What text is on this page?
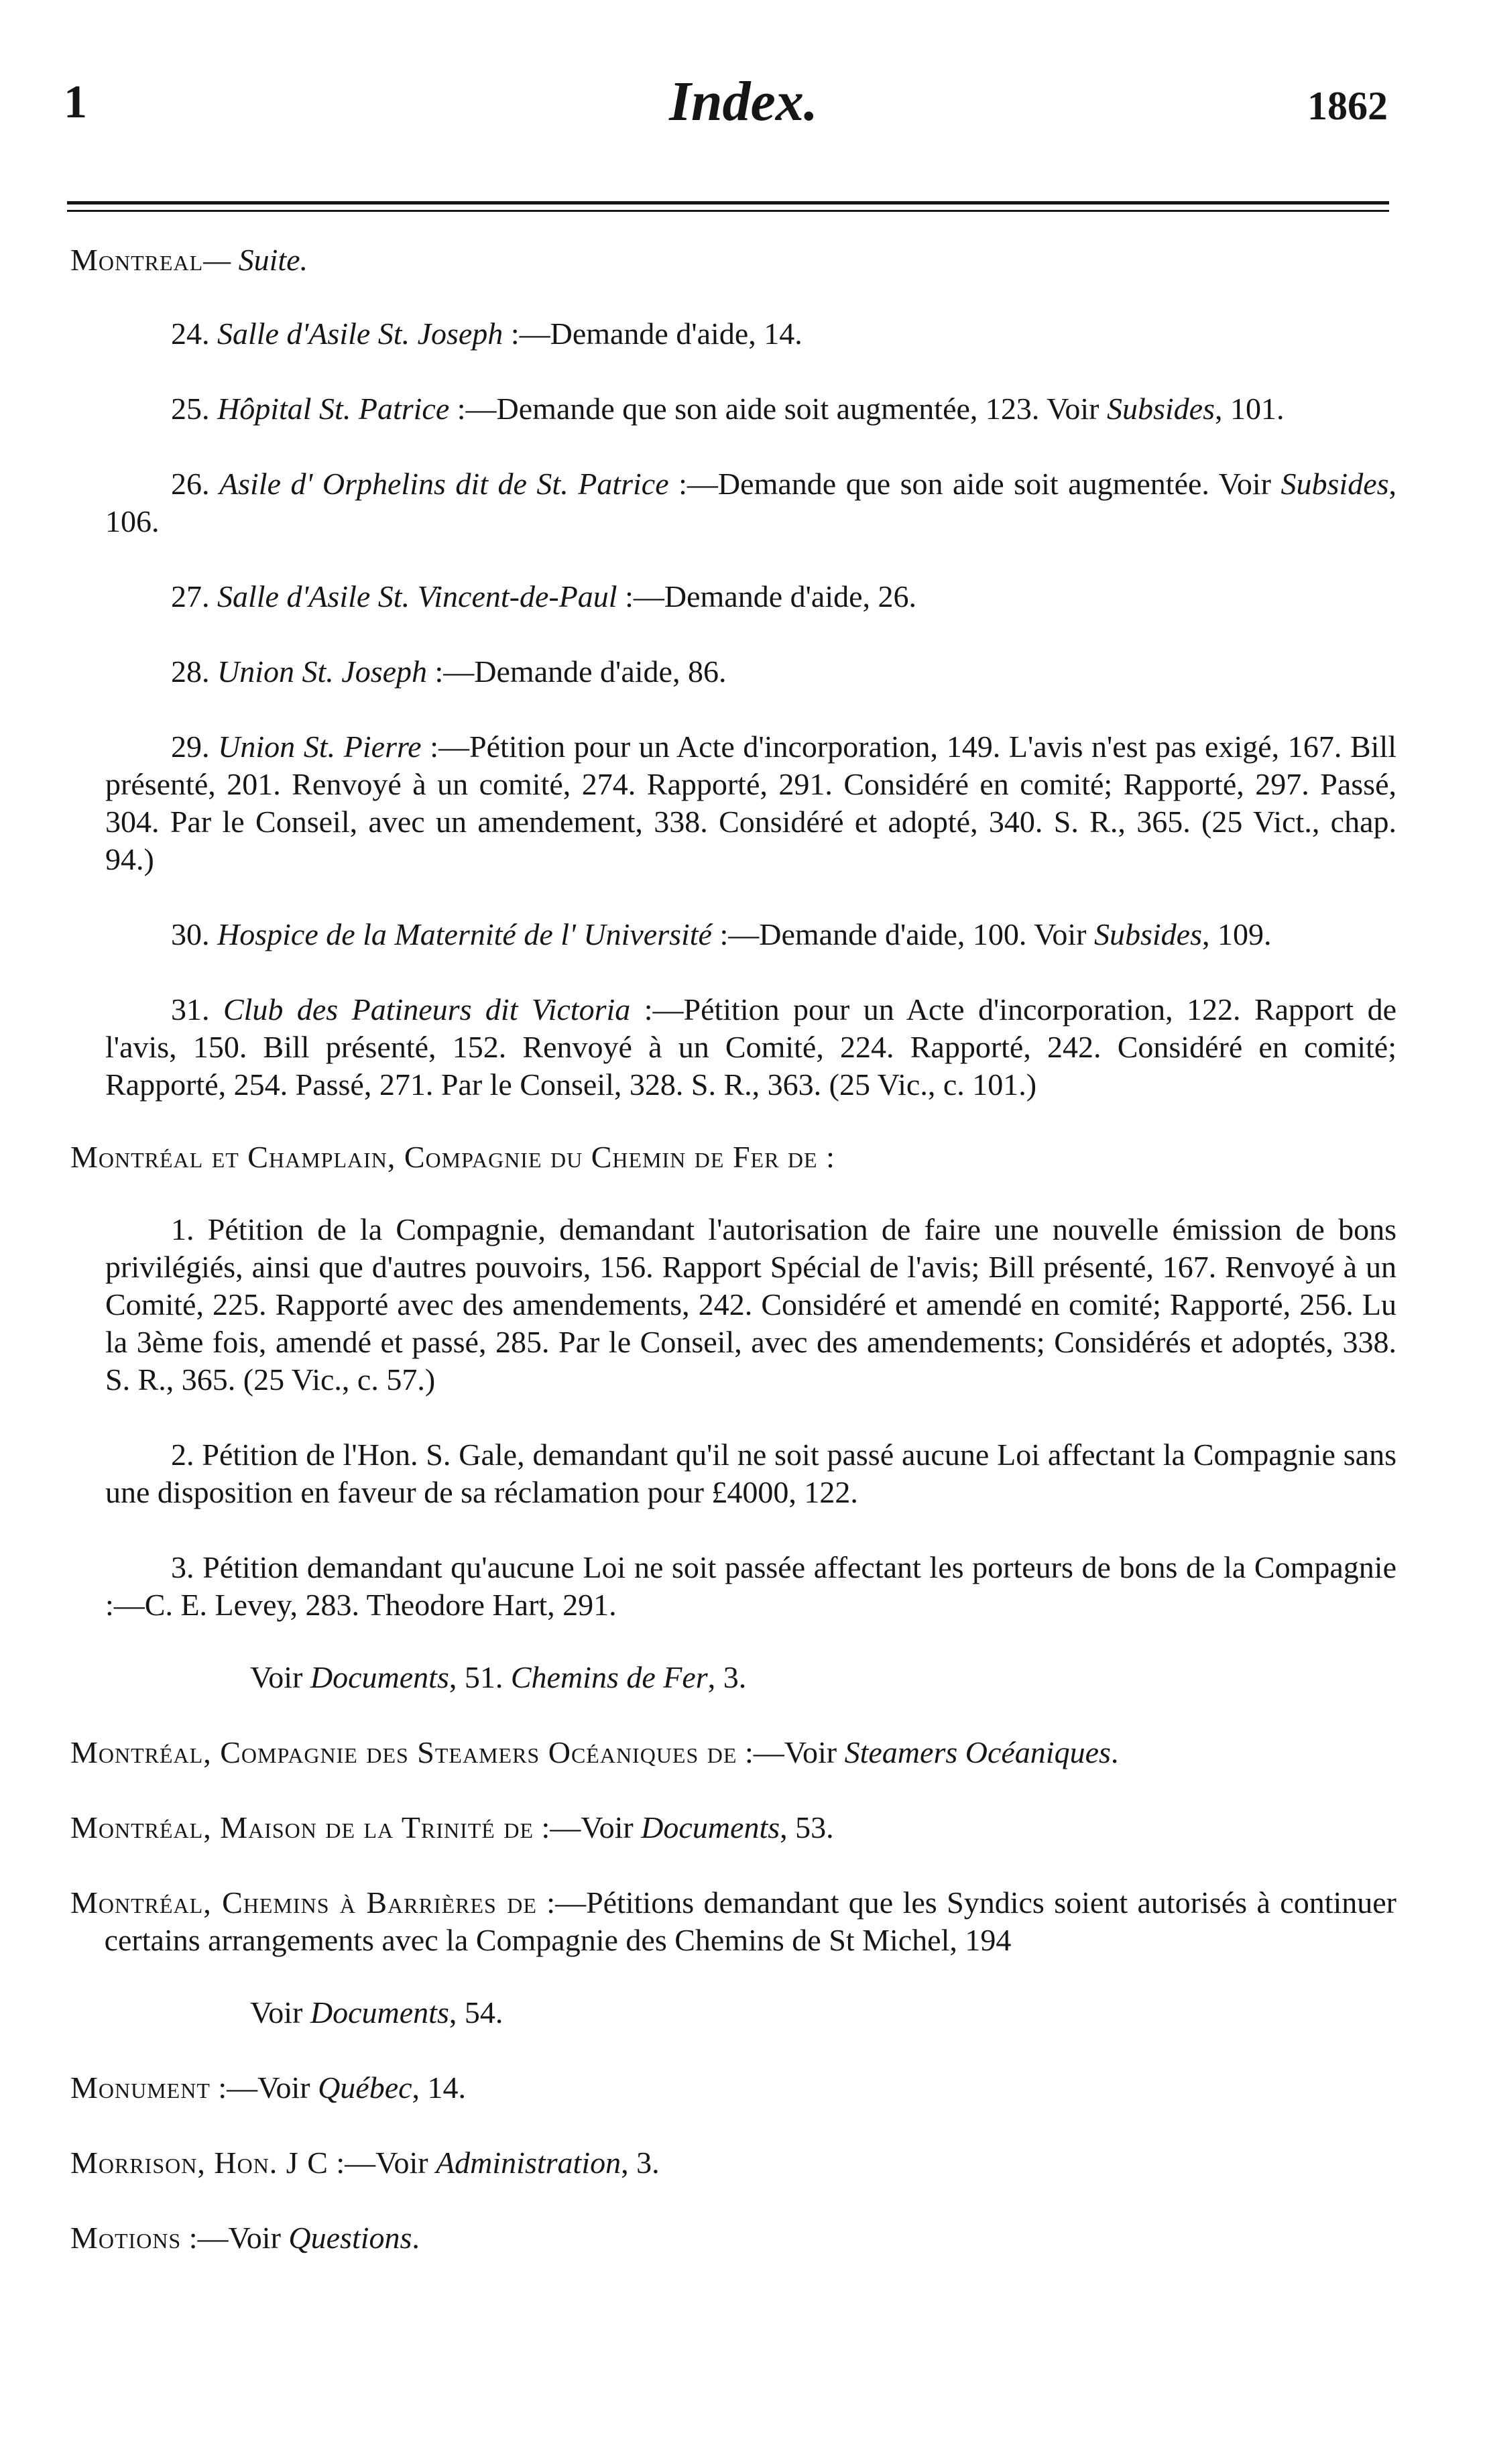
1	Index.	1862

Montreal— Suite.

24. Salle d'Asile St. Joseph :—Demande d'aide, 14.

25. Hôpital St. Patrice :—Demande que son aide soit augmentée, 123. Voir Subsides, 101.

26. Asile d' Orphelins dit de St. Patrice :—Demande que son aide soit augmentée. Voir Subsides, 106.

27. Salle d'Asile St. Vincent-de-Paul :—Demande d'aide, 26.

28. Union St. Joseph :—Demande d'aide, 86.

29. Union St. Pierre :—Pétition pour un Acte d'incorporation, 149. L'avis n'est pas exigé, 167. Bill présenté, 201. Renvoyé à un comité, 274. Rapporté, 291. Considéré en comité; Rapporté, 297. Passé, 304. Par le Conseil, avec un amendement, 338. Considéré et adopté, 340. S. R., 365. (25 Vict., chap. 94.)

30. Hospice de la Maternité de l' Université :—Demande d'aide, 100. Voir Subsides, 109.

31. Club des Patineurs dit Victoria :—Pétition pour un Acte d'incorporation, 122. Rapport de l'avis, 150. Bill présenté, 152. Renvoyé à un Comité, 224. Rapporté, 242. Considéré en comité; Rapporté, 254. Passé, 271. Par le Conseil, 328. S. R., 363. (25 Vic., c. 101.)

Montréal et Champlain, Compagnie du Chemin de Fer de :

1. Pétition de la Compagnie, demandant l'autorisation de faire une nouvelle émission de bons privilégiés, ainsi que d'autres pouvoirs, 156. Rapport Spécial de l'avis; Bill présenté, 167. Renvoyé à un Comité, 225. Rapporté avec des amendements, 242. Considéré et amendé en comité; Rapporté, 256. Lu la 3ème fois, amendé et passé, 285. Par le Conseil, avec des amendements; Considérés et adoptés, 338. S. R., 365. (25 Vic., c. 57.)

2. Pétition de l'Hon. S. Gale, demandant qu'il ne soit passé aucune Loi affectant la Compagnie sans une disposition en faveur de sa réclamation pour £4000, 122.

3. Pétition demandant qu'aucune Loi ne soit passée affectant les porteurs de bons de la Compagnie :—C. E. Levey, 283. Theodore Hart, 291.

Voir Documents, 51. Chemins de Fer, 3.

Montréal, Compagnie des Steamers Océaniques de :—Voir Steamers Océaniques.

Montréal, Maison de la Trinité de :—Voir Documents, 53.

Montréal, Chemins à Barrières de :—Pétitions demandant que les Syndics soient autorisés à continuer certains arrangements avec la Compagnie des Chemins de St Michel, 194

Voir Documents, 54.

Monument :—Voir Québec, 14.

Morrison, Hon. J C :—Voir Administration, 3.

Motions :—Voir Questions.
